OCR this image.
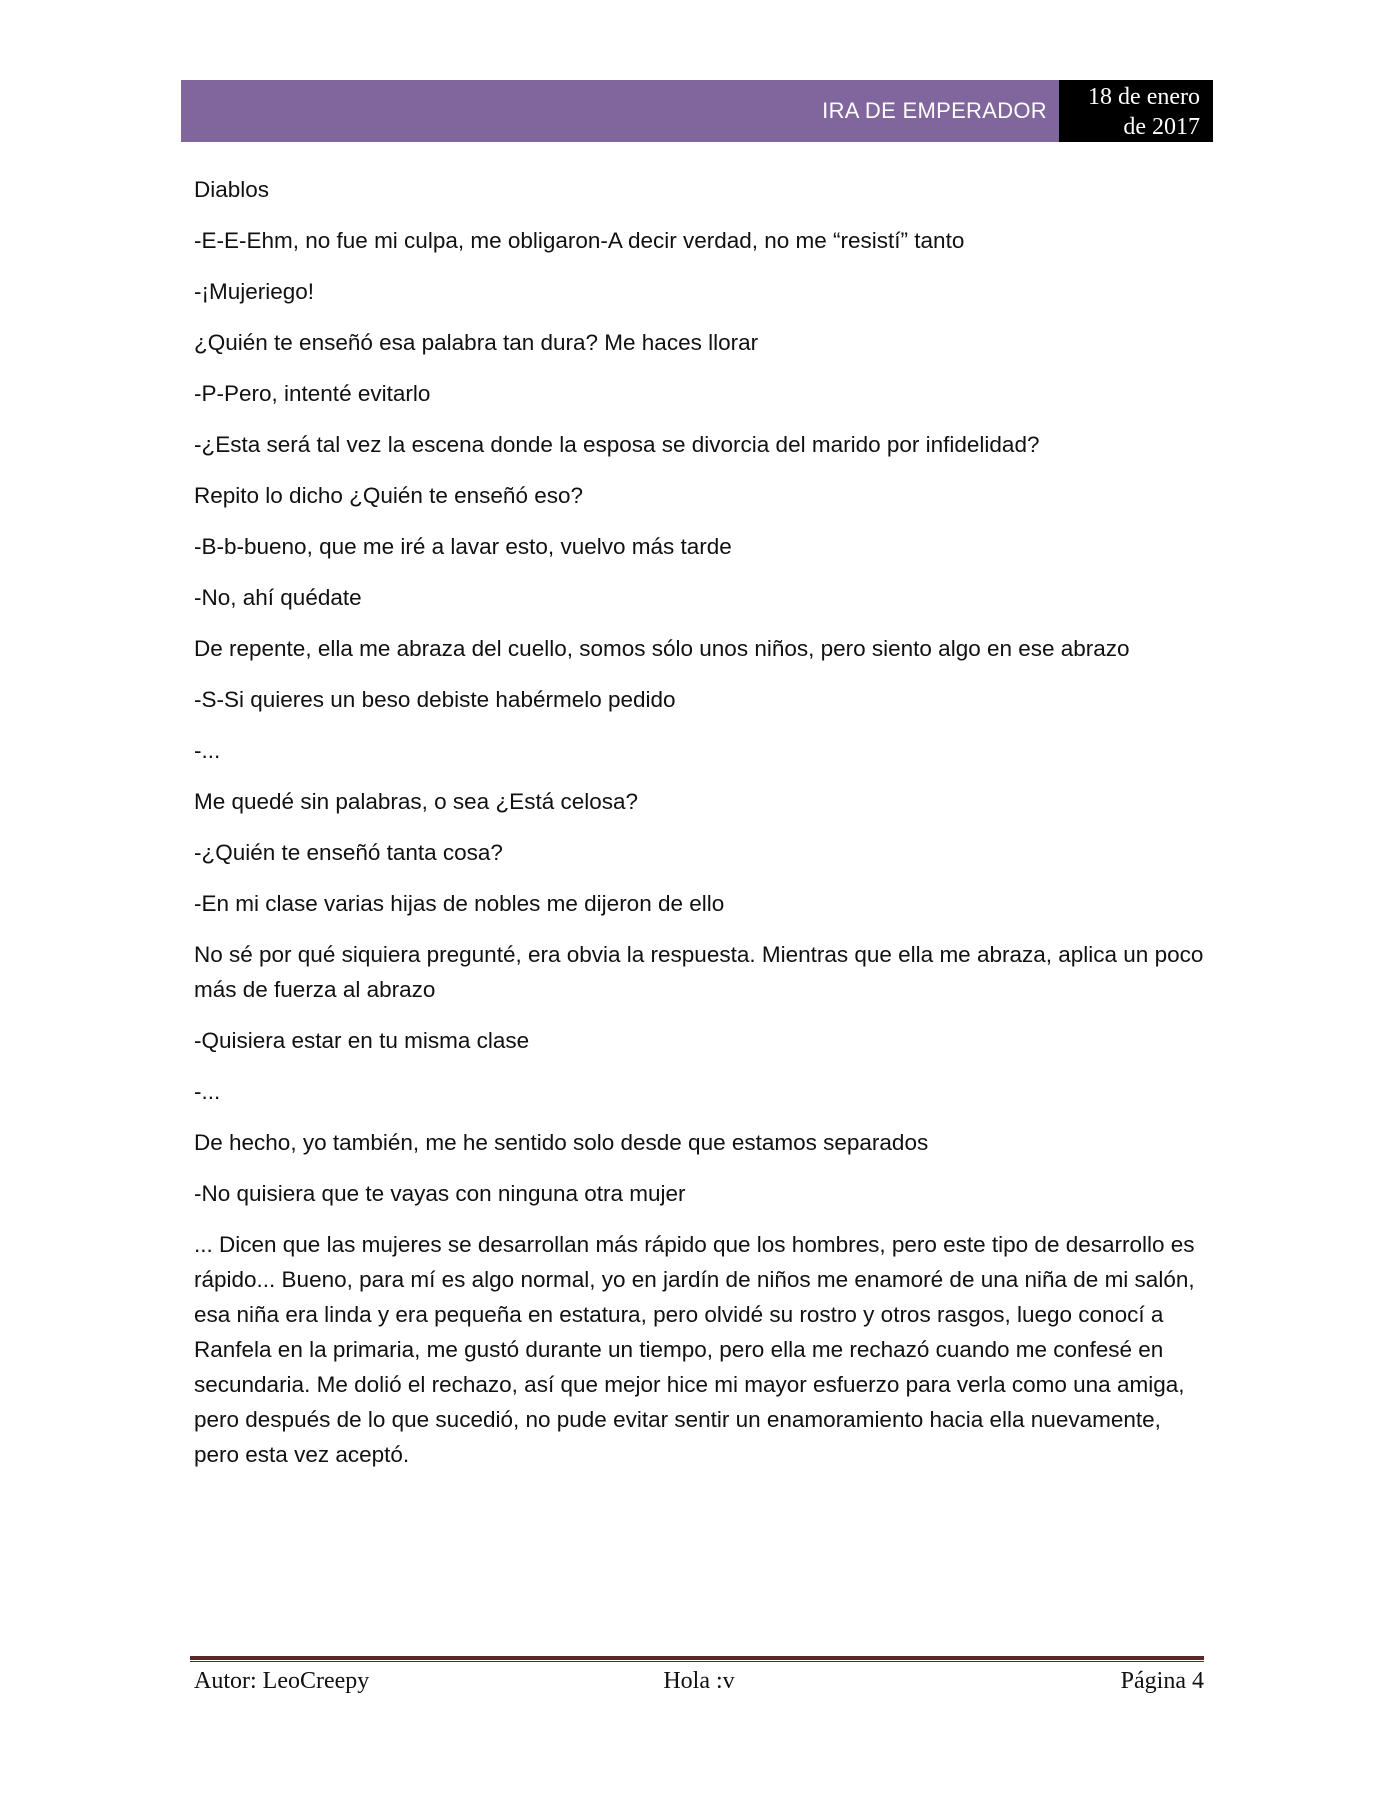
IRA DE EMPERADOR
18 de enero
de 2017

Diablos

-E-E-Ehm, no fue mi culpa, me obligaron-A decir verdad, no me “resistí” tanto

-¡Mujeriego!

¿Quién te enseñó esa palabra tan dura? Me haces llorar

-P-Pero, intenté evitarlo

-¿Esta será tal vez la escena donde la esposa se divorcia del marido por infidelidad?

Repito lo dicho ¿Quién te enseñó eso?

-B-b-bueno, que me iré a lavar esto, vuelvo más tarde

-No, ahí quédate

De repente, ella me abraza del cuello, somos sólo unos niños, pero siento algo en ese abrazo

-S-Si quieres un beso debiste habérmelo pedido

-...

Me quedé sin palabras, o sea ¿Está celosa?

-¿Quién te enseñó tanta cosa?

-En mi clase varias hijas de nobles me dijeron de ello

No sé por qué siquiera pregunté, era obvia la respuesta. Mientras que ella me abraza, aplica un poco más de fuerza al abrazo

-Quisiera estar en tu misma clase

-...

De hecho, yo también, me he sentido solo desde que estamos separados

-No quisiera que te vayas con ninguna otra mujer

... Dicen que las mujeres se desarrollan más rápido que los hombres, pero este tipo de desarrollo es rápido... Bueno, para mí es algo normal, yo en jardín de niños me enamoré de una niña de mi salón, esa niña era linda y era pequeña en estatura, pero olvidé su rostro y otros rasgos, luego conocí a Ranfela en la primaria, me gustó durante un tiempo, pero ella me rechazó cuando me confesé en secundaria. Me dolió el rechazo, así que mejor hice mi mayor esfuerzo para verla como una amiga, pero después de lo que sucedió, no pude evitar sentir un enamoramiento hacia ella nuevamente, pero esta vez aceptó.

Autor: LeoCreepy	Hola :v	Página 4
